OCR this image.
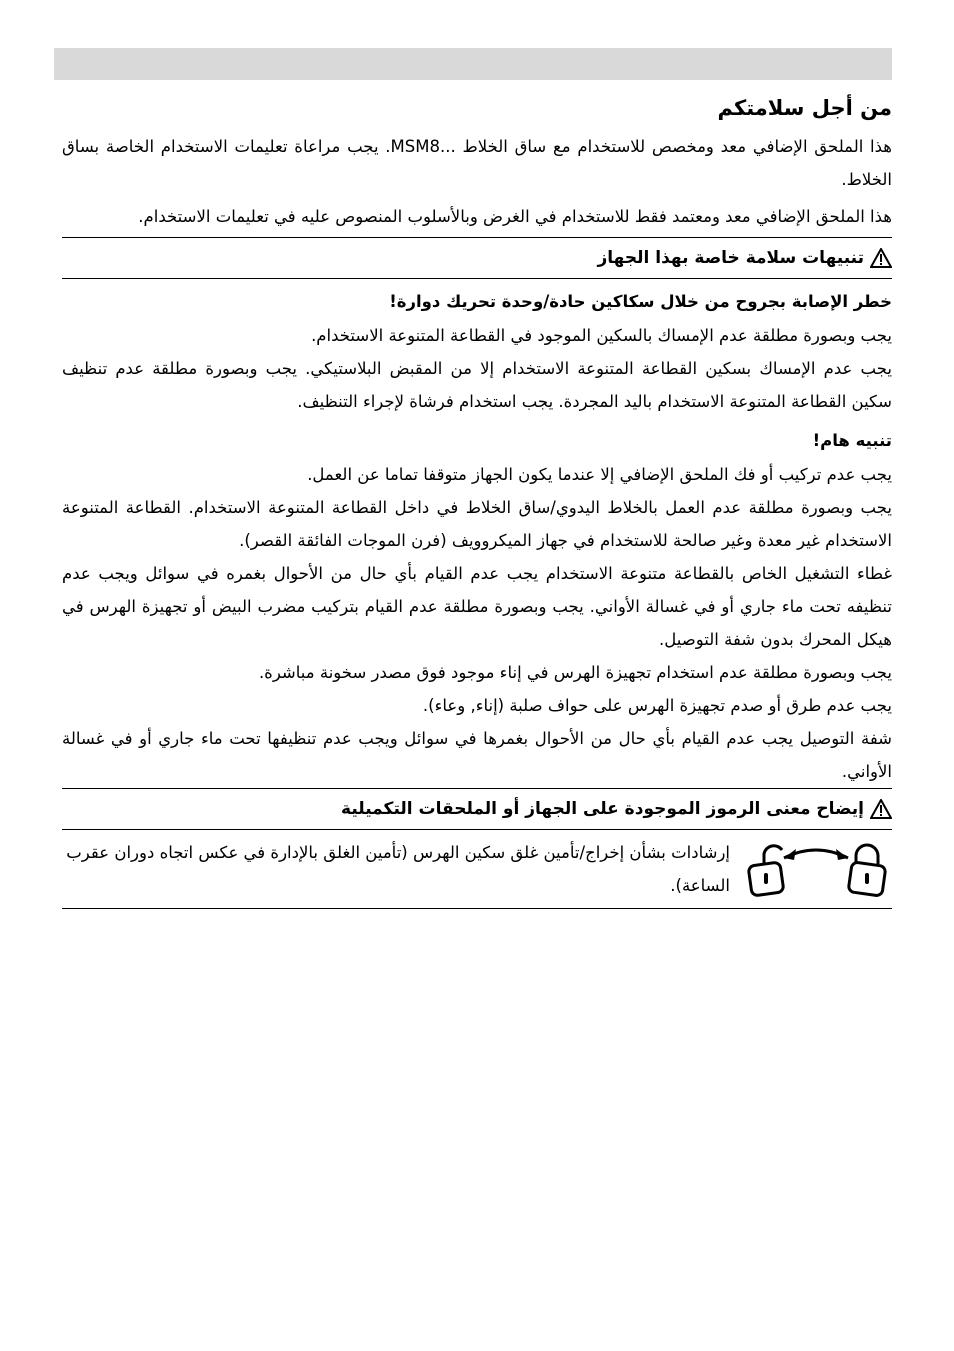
من أجل سلامتكم

هذا الملحق الإضافي معد ومخصص للاستخدام مع ساق الخلاط ...MSM8. يجب مراعاة تعليمات الاستخدام الخاصة بساق الخلاط.

هذا الملحق الإضافي معد ومعتمد فقط للاستخدام في الغرض وبالأسلوب المنصوص عليه في تعليمات الاستخدام.

تنبيهات سلامة خاصة بهذا الجهاز
خطر الإصابة بجروح من خلال سكاكين حادة/وحدة تحريك دوارة!

يجب وبصورة مطلقة عدم الإمساك بالسكين الموجود في القطاعة المتنوعة الاستخدام.

يجب عدم الإمساك بسكين القطاعة المتنوعة الاستخدام إلا من المقبض البلاستيكي. يجب وبصورة مطلقة عدم تنظيف سكين القطاعة المتنوعة الاستخدام باليد المجردة. يجب استخدام فرشاة لإجراء التنظيف.

تنبيه هام!

يجب عدم تركيب أو فك الملحق الإضافي إلا عندما يكون الجهاز متوقفا تماما عن العمل.

يجب وبصورة مطلقة عدم العمل بالخلاط اليدوي/ساق الخلاط في داخل القطاعة المتنوعة الاستخدام. القطاعة المتنوعة الاستخدام غير معدة وغير صالحة للاستخدام في جهاز الميكروويف (فرن الموجات الفائقة القصر).

غطاء التشغيل الخاص بالقطاعة متنوعة الاستخدام يجب عدم القيام بأي حال من الأحوال بغمره في سوائل ويجب عدم تنظيفه تحت ماء جاري أو في غسالة الأواني. يجب وبصورة مطلقة عدم القيام بتركيب مضرب البيض أو تجهيزة الهرس في هيكل المحرك بدون شفة التوصيل.

يجب وبصورة مطلقة عدم استخدام تجهيزة الهرس في إناء موجود فوق مصدر سخونة مباشرة.

يجب عدم طرق أو صدم تجهيزة الهرس على حواف صلبة (إناء, وعاء).

شفة التوصيل يجب عدم القيام بأي حال من الأحوال بغمرها في سوائل ويجب عدم تنظيفها تحت ماء جاري أو في غسالة الأواني.

إيضاح معنى الرموز الموجودة على الجهاز أو الملحقات التكميلية
إرشادات بشأن إخراج/تأمين غلق سكين الهرس (تأمين الغلق بالإدارة في عكس اتجاه دوران عقرب الساعة).
